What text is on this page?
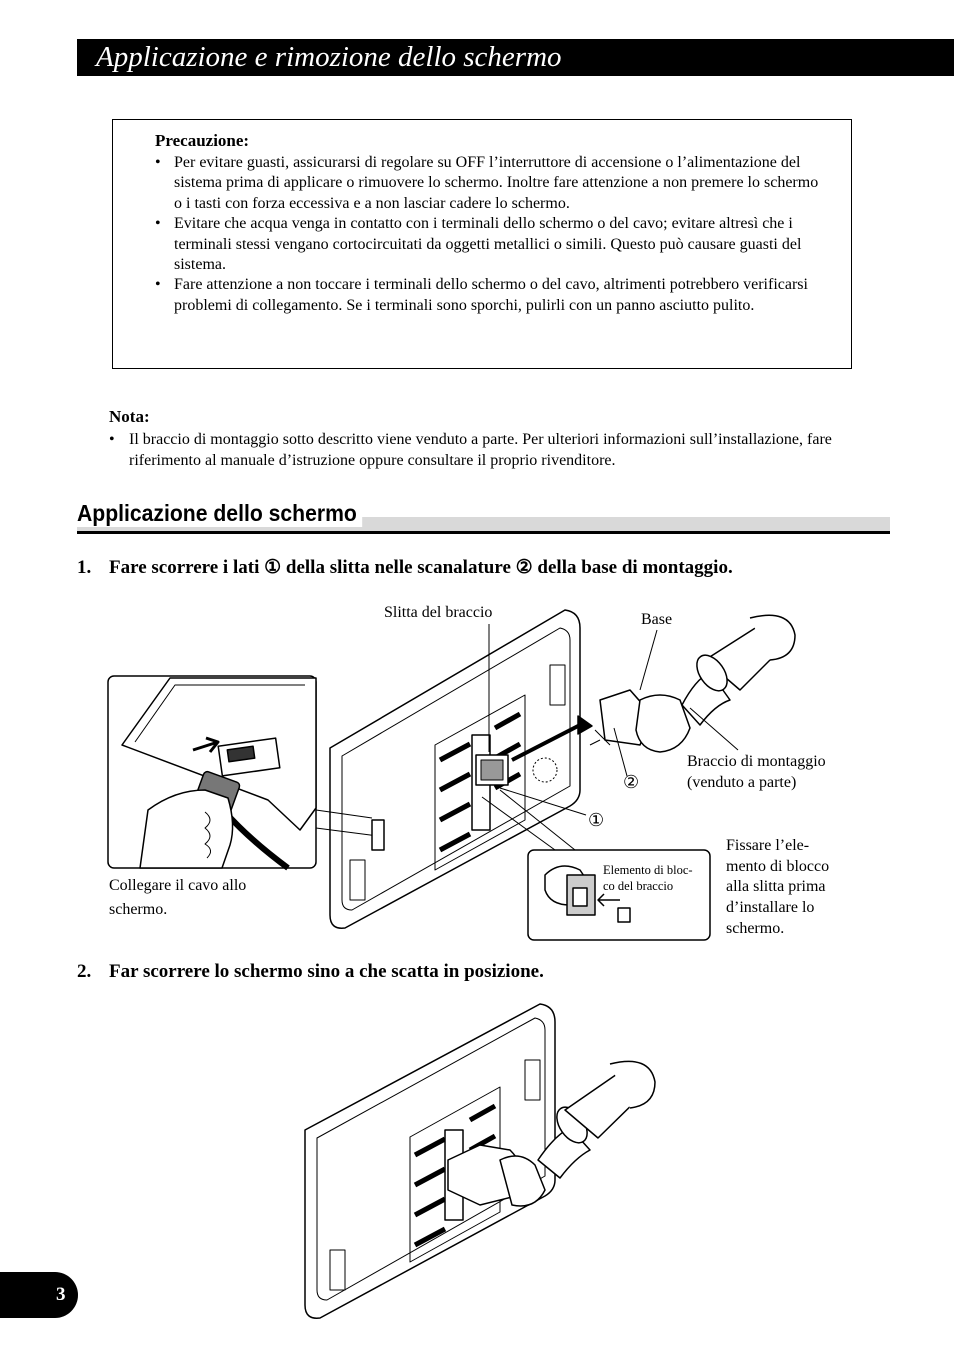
Applicazione e rimozione dello schermo
Precauzione:
• Per evitare guasti, assicurarsi di regolare su OFF l’interruttore di accensione o l’alimentazione del sistema prima di applicare o rimuovere lo schermo. Inoltre fare attenzione a non premere lo schermo o i tasti con forza eccessiva e a non lasciar cadere lo schermo.
• Evitare che acqua venga in contatto con i terminali dello schermo o del cavo; evitare altresì che i terminali stessi vengano cortocircuitati da oggetti metallici o simili. Questo può causare guasti del sistema.
• Fare attenzione a non toccare i terminali dello schermo o del cavo, altrimenti potrebbero verificarsi problemi di collegamento. Se i terminali sono sporchi, pulirli con un panno asciutto pulito.
Nota:
• Il braccio di montaggio sotto descritto viene venduto a parte. Per ulteriori informazioni sull’installazione, fare riferimento al manuale d’istruzione oppure consultare il proprio rivenditore.
Applicazione dello schermo
1. Fare scorrere i lati ① della slitta nelle scanalature ② della base di montaggio.
2. Far scorrere lo schermo sino a che scatta in posizione.
Slitta del braccio	Base
Braccio di montaggio
(venduto a parte)
②
①
Elemento di bloc-
co del braccio
Fissare l’ele-
mento di blocco
alla slitta prima
d’installare lo
schermo.
Collegare il cavo allo
schermo.
3
